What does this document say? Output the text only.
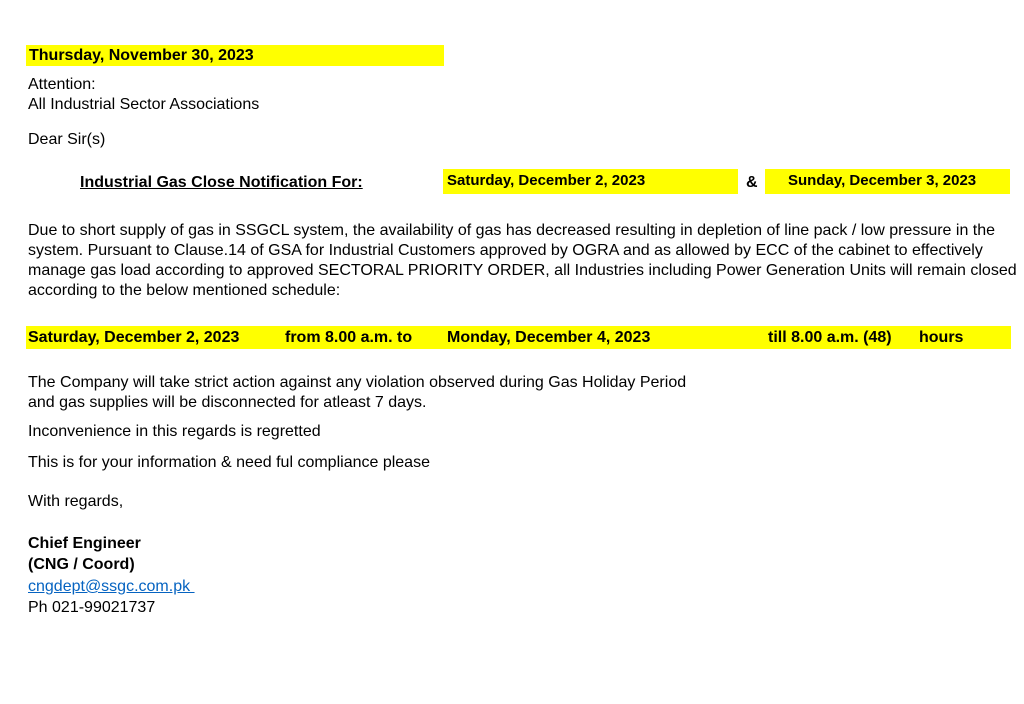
Thursday, November 30, 2023
Attention:
All Industrial Sector Associations
Dear Sir(s)
Industrial Gas Close Notification For:	Saturday, December 2, 2023	& Sunday, December 3, 2023
Due to short supply of gas in SSGCL system, the availability of gas has decreased resulting in depletion of line pack / low pressure in the system. Pursuant to Clause.14 of GSA for Industrial Customers approved by OGRA and as allowed by ECC of the cabinet to effectively manage gas load according to approved SECTORAL PRIORITY ORDER, all Industries including Power Generation Units will remain closed according to the below mentioned schedule:
Saturday, December 2, 2023	from 8.00 a.m. to Monday, December 4, 2023	till 8.00 a.m. (48) hours
The Company will take strict action against any violation observed during Gas Holiday Period
and gas supplies will be disconnected for atleast 7 days.
Inconvenience in this regards is regretted
This is for your information & need ful compliance please
With regards,
Chief Engineer
(CNG / Coord)
cngdept@ssgc.com.pk
Ph 021-99021737
